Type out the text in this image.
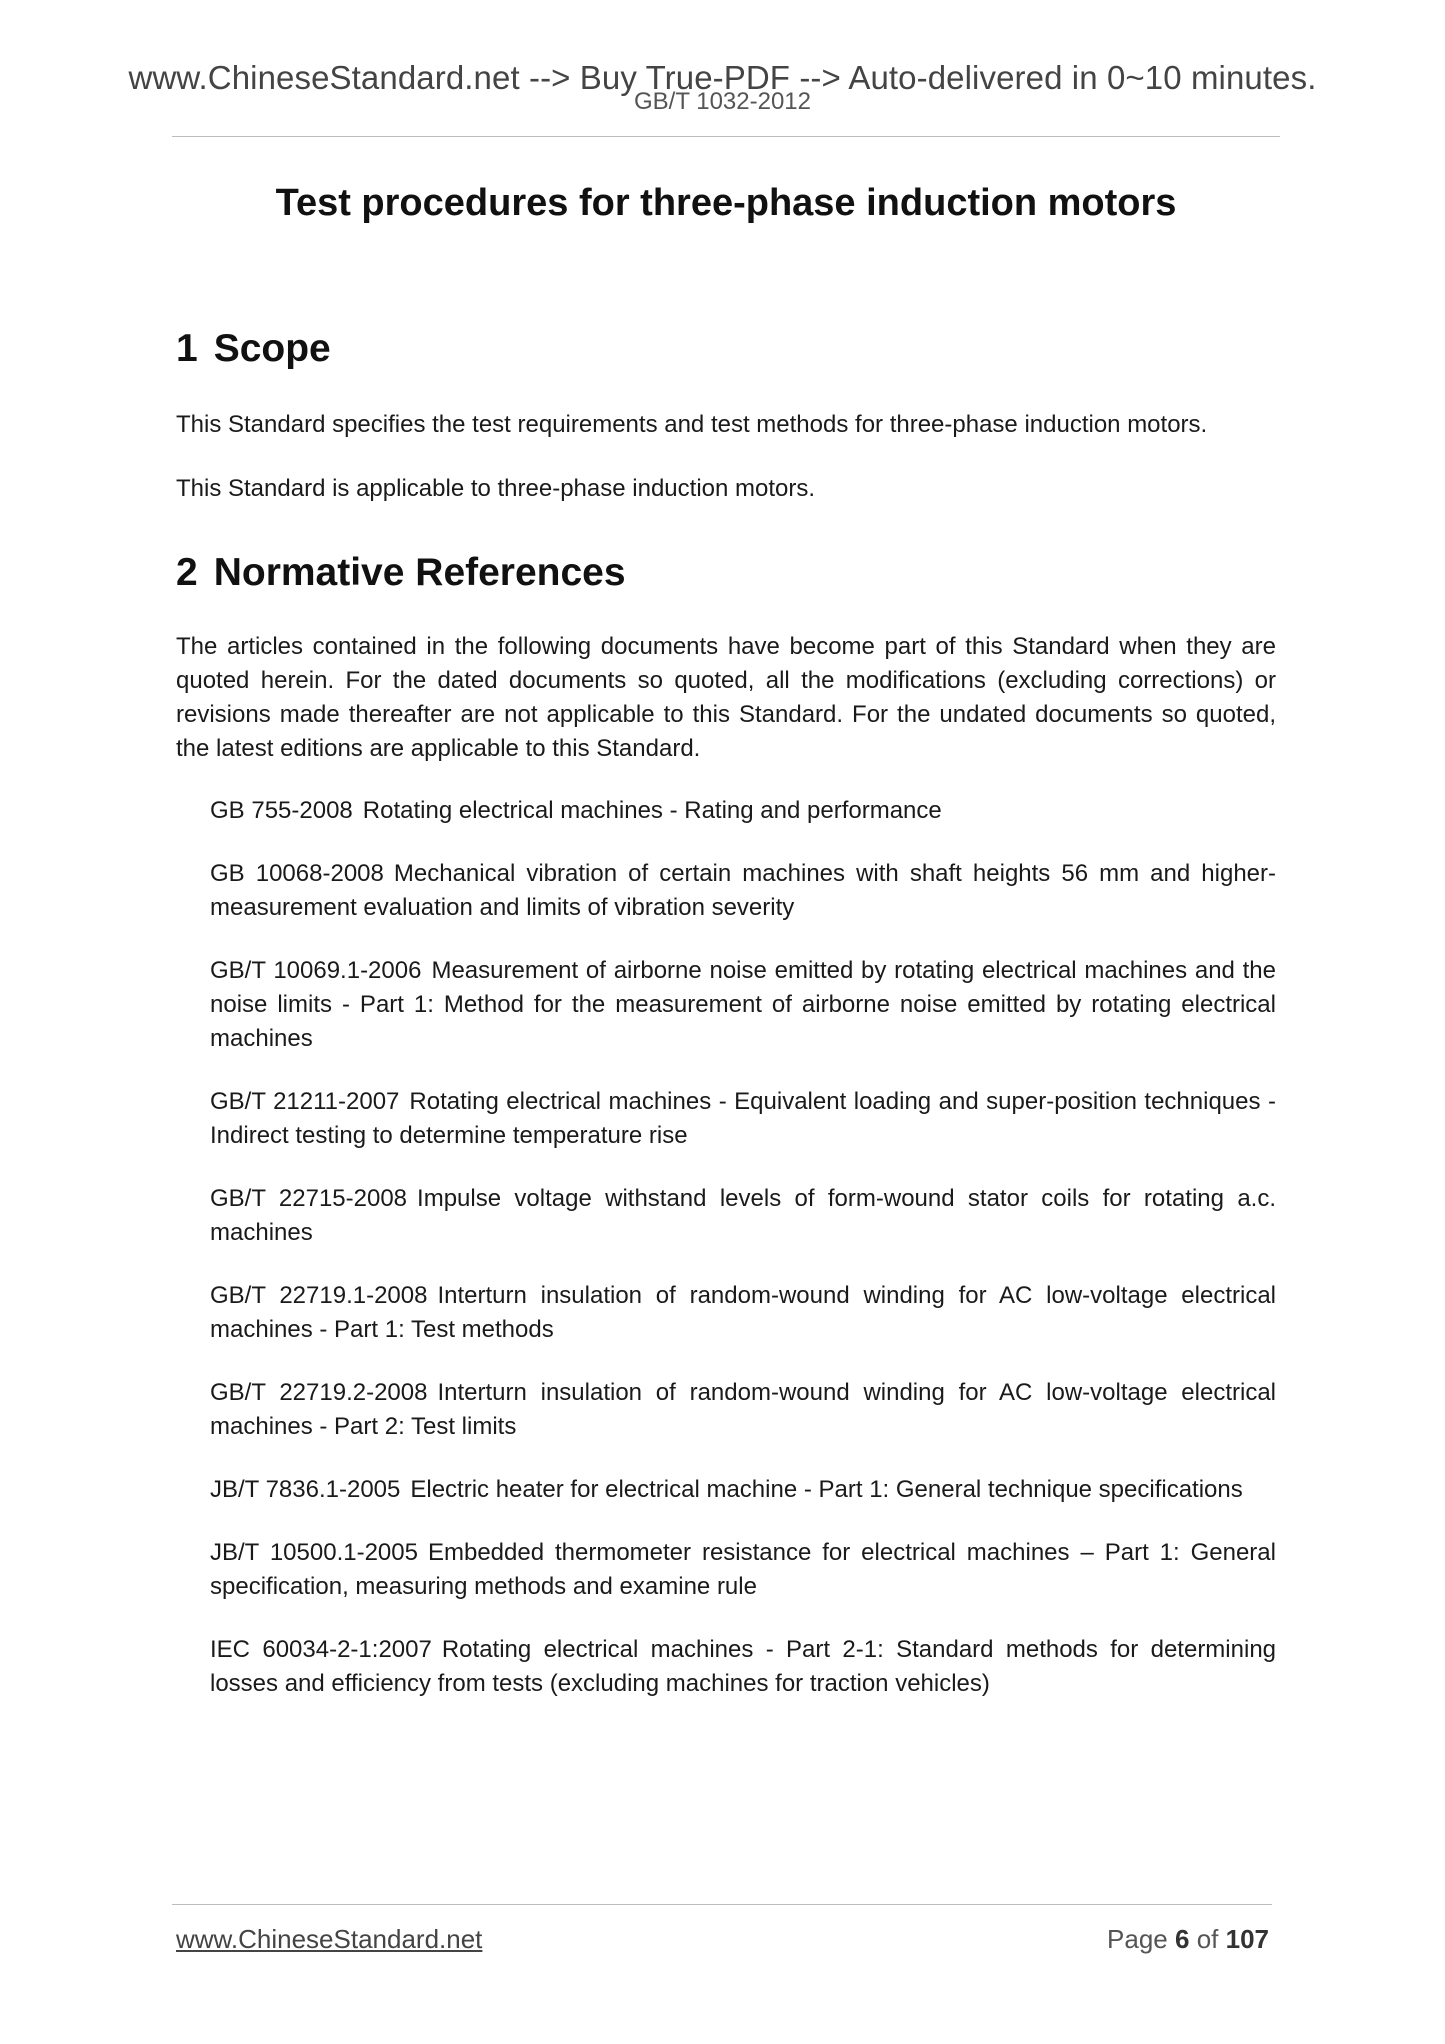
www.ChineseStandard.net --> Buy True-PDF --> Auto-delivered in 0~10 minutes.
GB/T 1032-2012
Test procedures for three-phase induction motors
1 Scope

This Standard specifies the test requirements and test methods for three-phase induction motors.

This Standard is applicable to three-phase induction motors.

2 Normative References

The articles contained in the following documents have become part of this Standard when they are quoted herein. For the dated documents so quoted, all the modifications (excluding corrections) or revisions made thereafter are not applicable to this Standard. For the undated documents so quoted, the latest editions are applicable to this Standard.

GB 755-2008 Rotating electrical machines - Rating and performance

GB 10068-2008 Mechanical vibration of certain machines with shaft heights 56 mm and higher- measurement evaluation and limits of vibration severity

GB/T 10069.1-2006 Measurement of airborne noise emitted by rotating electrical machines and the noise limits - Part 1: Method for the measurement of airborne noise emitted by rotating electrical machines

GB/T 21211-2007 Rotating electrical machines - Equivalent loading and super-position techniques - Indirect testing to determine temperature rise

GB/T 22715-2008 Impulse voltage withstand levels of form-wound stator coils for rotating a.c. machines

GB/T 22719.1-2008 Interturn insulation of random-wound winding for AC low-voltage electrical machines - Part 1: Test methods

GB/T 22719.2-2008 Interturn insulation of random-wound winding for AC low-voltage electrical machines - Part 2: Test limits

JB/T 7836.1-2005 Electric heater for electrical machine - Part 1: General technique specifications

JB/T 10500.1-2005 Embedded thermometer resistance for electrical machines – Part 1: General specification, measuring methods and examine rule

IEC 60034-2-1:2007 Rotating electrical machines - Part 2-1: Standard methods for determining losses and efficiency from tests (excluding machines for traction vehicles)

www.ChineseStandard.net	Page 6 of 107
